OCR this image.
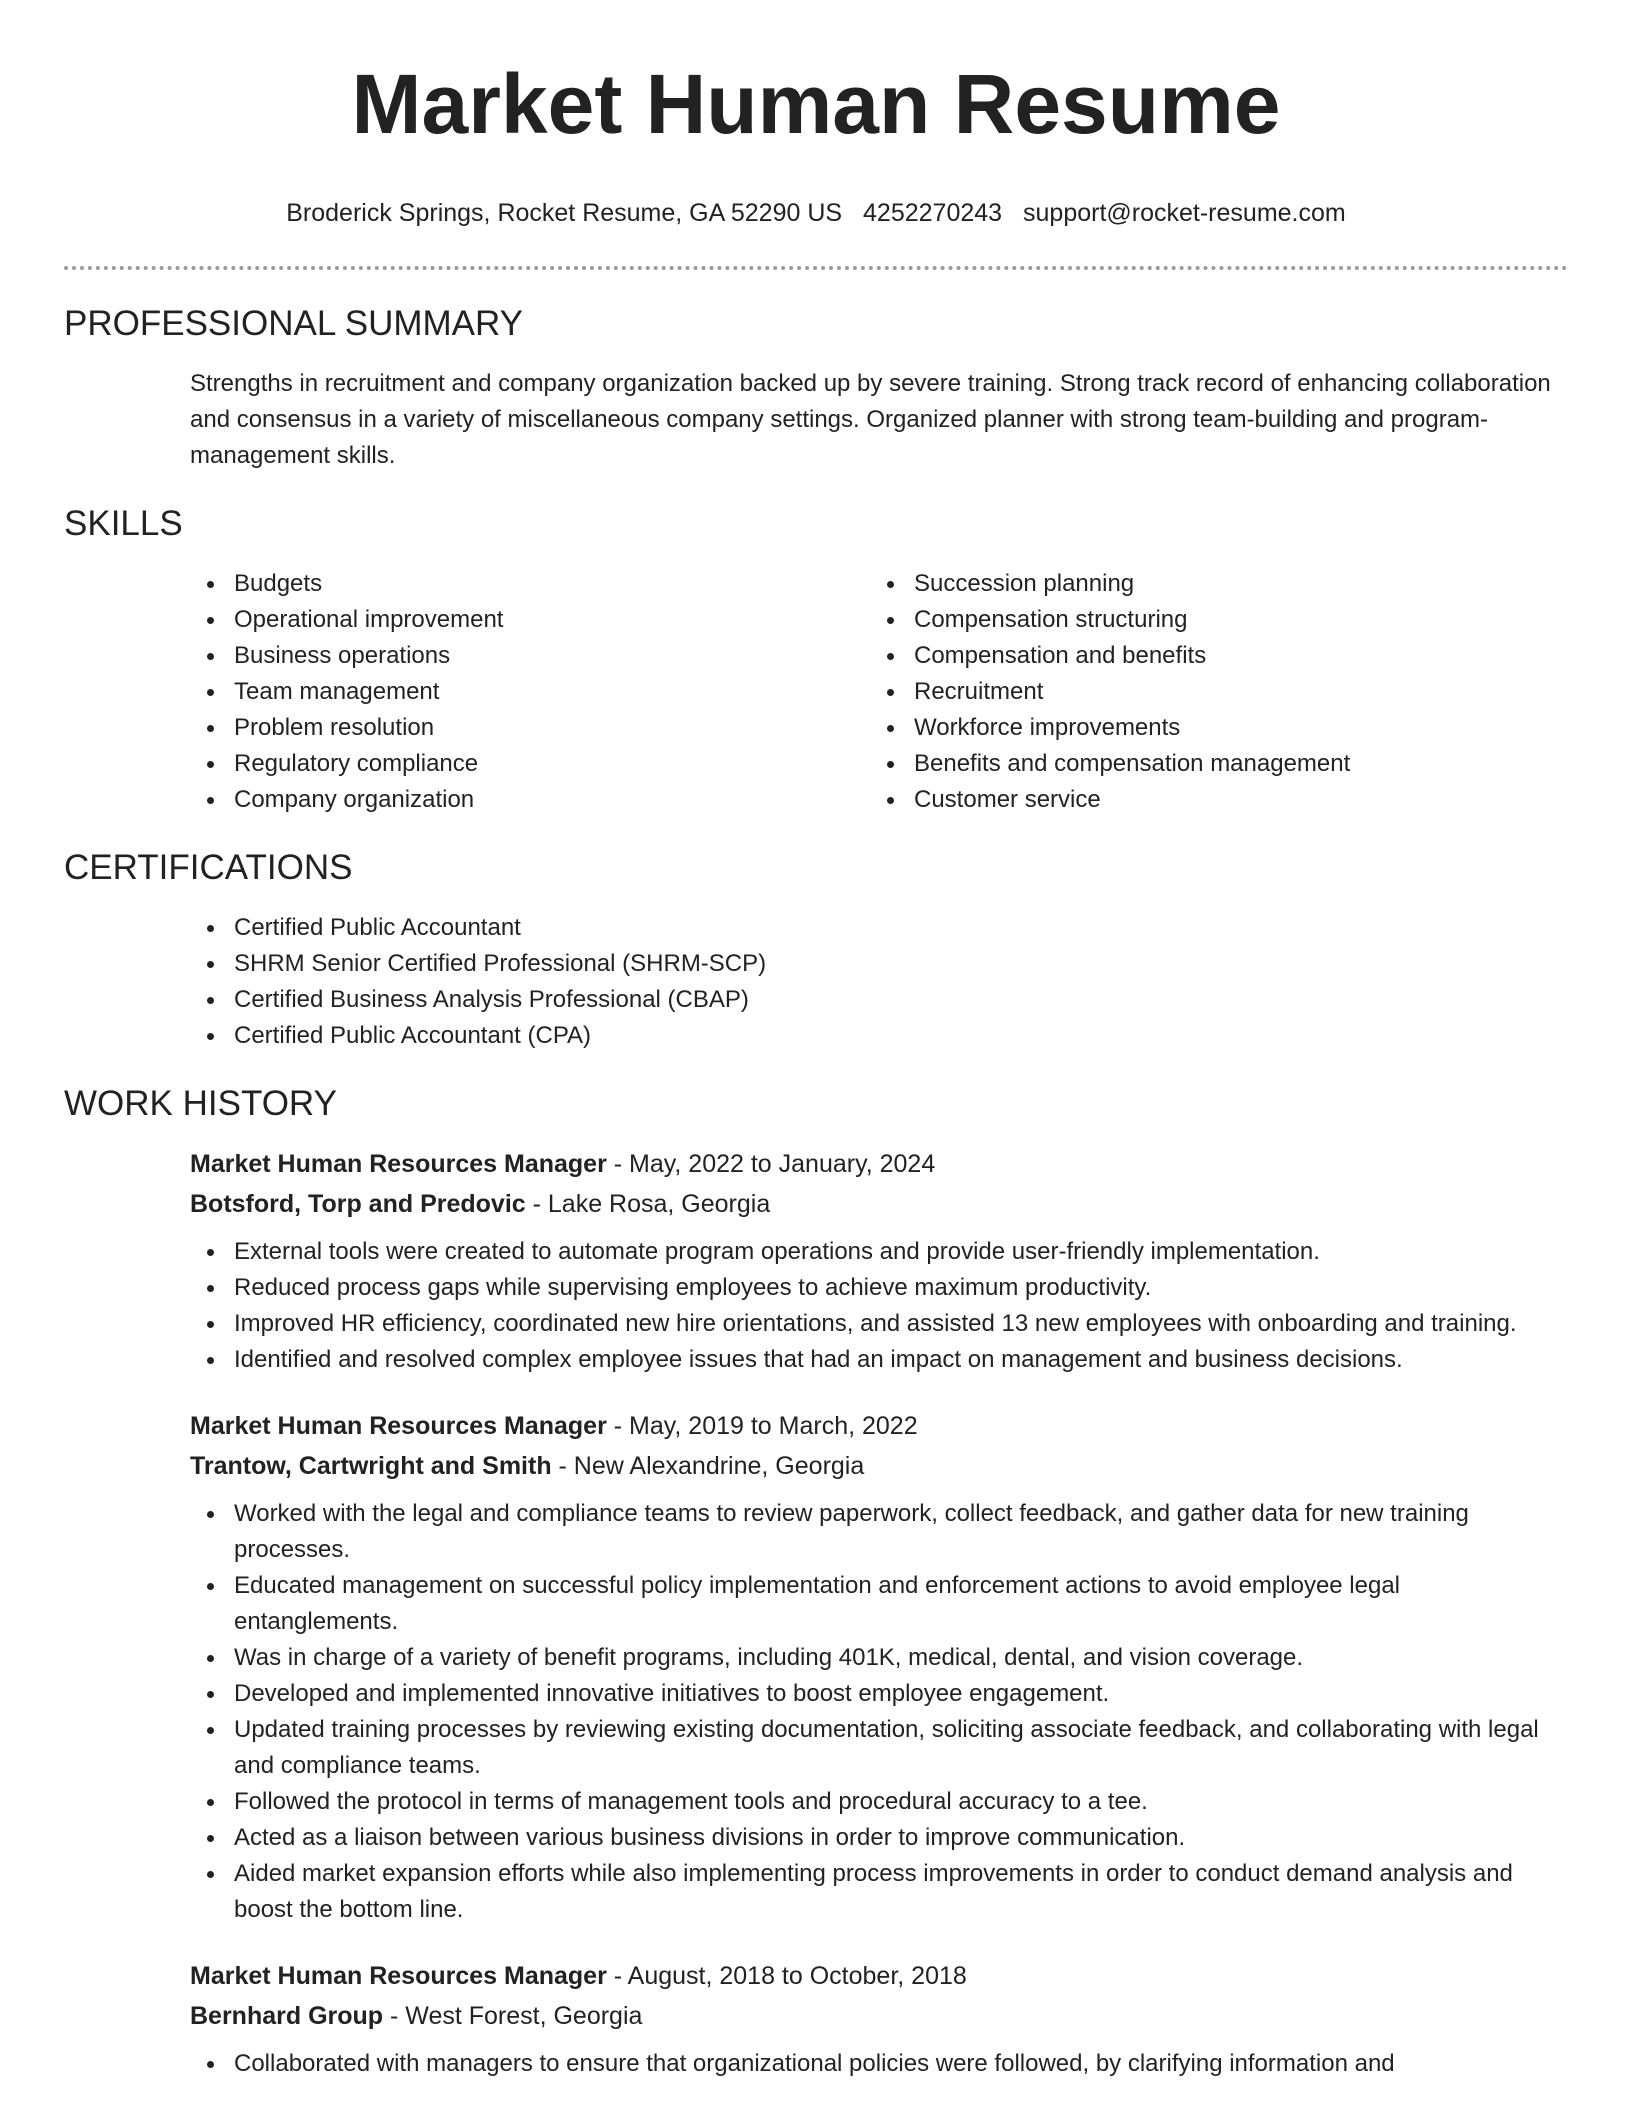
Market Human Resume
Broderick Springs, Rocket Resume, GA 52290 US 4252270243 support@rocket-resume.com
PROFESSIONAL SUMMARY

Strengths in recruitment and company organization backed up by severe training. Strong track record of enhancing collaboration and consensus in a variety of miscellaneous company settings. Organized planner with strong team-building and program-management skills.

SKILLS
Budgets
Operational improvement
Business operations
Team management
Problem resolution
Regulatory compliance
Company organization
Succession planning
Compensation structuring
Compensation and benefits
Recruitment
Workforce improvements
Benefits and compensation management
Customer service
CERTIFICATIONS
Certified Public Accountant
SHRM Senior Certified Professional (SHRM-SCP)
Certified Business Analysis Professional (CBAP)
Certified Public Accountant (CPA)
WORK HISTORY
Market Human Resources Manager - May, 2022 to January, 2024
Botsford, Torp and Predovic - Lake Rosa, Georgia
External tools were created to automate program operations and provide user-friendly implementation.
Reduced process gaps while supervising employees to achieve maximum productivity.
Improved HR efficiency, coordinated new hire orientations, and assisted 13 new employees with onboarding and training.
Identified and resolved complex employee issues that had an impact on management and business decisions.
Market Human Resources Manager - May, 2019 to March, 2022
Trantow, Cartwright and Smith - New Alexandrine, Georgia
Worked with the legal and compliance teams to review paperwork, collect feedback, and gather data for new training processes.
Educated management on successful policy implementation and enforcement actions to avoid employee legal entanglements.
Was in charge of a variety of benefit programs, including 401K, medical, dental, and vision coverage.
Developed and implemented innovative initiatives to boost employee engagement.
Updated training processes by reviewing existing documentation, soliciting associate feedback, and collaborating with legal and compliance teams.
Followed the protocol in terms of management tools and procedural accuracy to a tee.
Acted as a liaison between various business divisions in order to improve communication.
Aided market expansion efforts while also implementing process improvements in order to conduct demand analysis and boost the bottom line.
Market Human Resources Manager - August, 2018 to October, 2018
Bernhard Group - West Forest, Georgia
Collaborated with managers to ensure that organizational policies were followed, by clarifying information and
